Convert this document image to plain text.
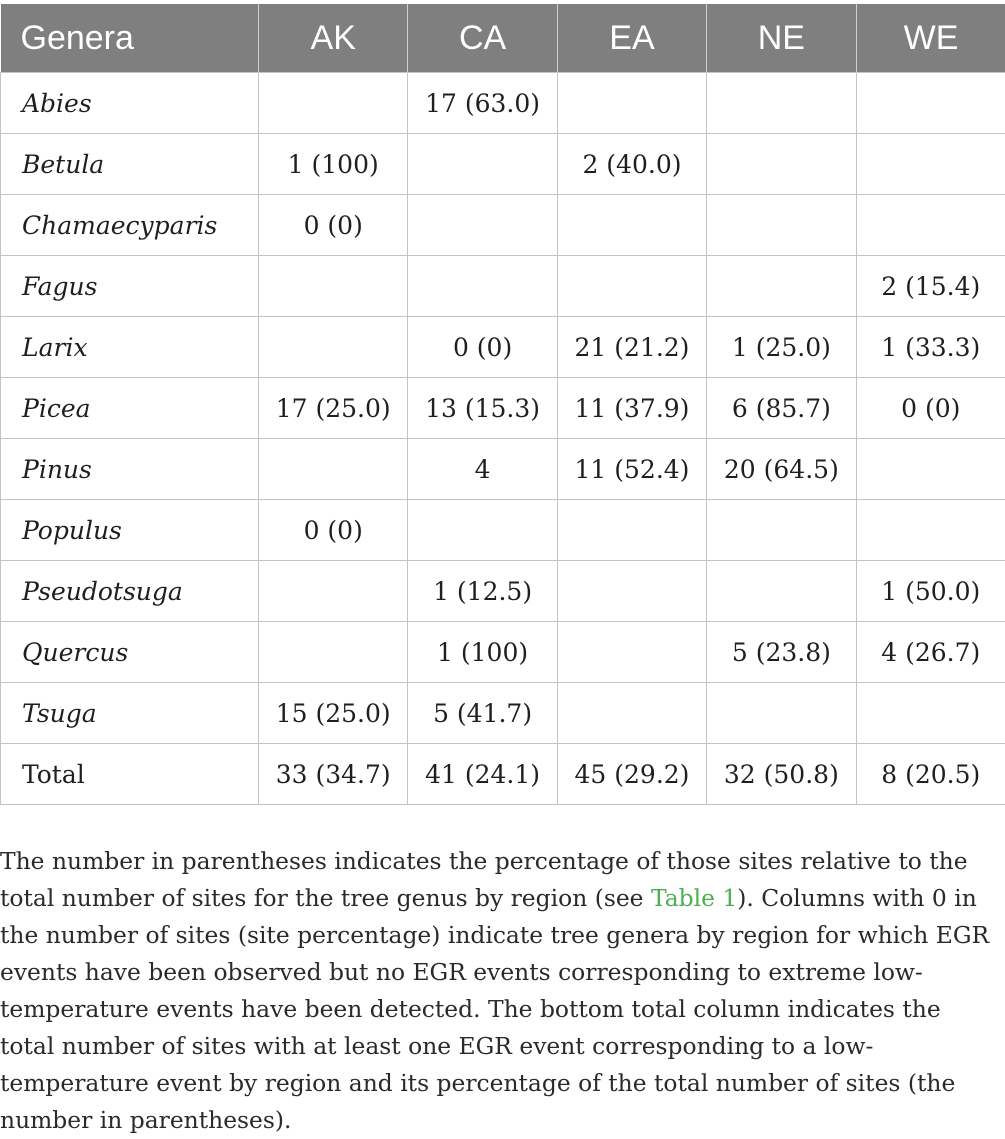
Genera	AK	CA	EA	NE	WE
Abies		17 (63.0)			
Betula	1 (100)		2 (40.0)		
Chamaecyparis	0 (0)				
Fagus					2 (15.4)
Larix		0 (0)	21 (21.2)	1 (25.0)	1 (33.3)
Picea	17 (25.0)	13 (15.3)	11 (37.9)	6 (85.7)	0 (0)
Pinus		4	11 (52.4)	20 (64.5)	
Populus	0 (0)				
Pseudotsuga		1 (12.5)			1 (50.0)
Quercus		1 (100)		5 (23.8)	4 (26.7)
Tsuga	15 (25.0)	5 (41.7)			
Total	33 (34.7)	41 (24.1)	45 (29.2)	32 (50.8)	8 (20.5)

The number in parentheses indicates the percentage of those sites relative to the total number of sites for the tree genus by region (see Table 1). Columns with 0 in the number of sites (site percentage) indicate tree genera by region for which EGR events have been observed but no EGR events corresponding to extreme low-temperature events have been detected. The bottom total column indicates the total number of sites with at least one EGR event corresponding to a low-temperature event by region and its percentage of the total number of sites (the number in parentheses).
